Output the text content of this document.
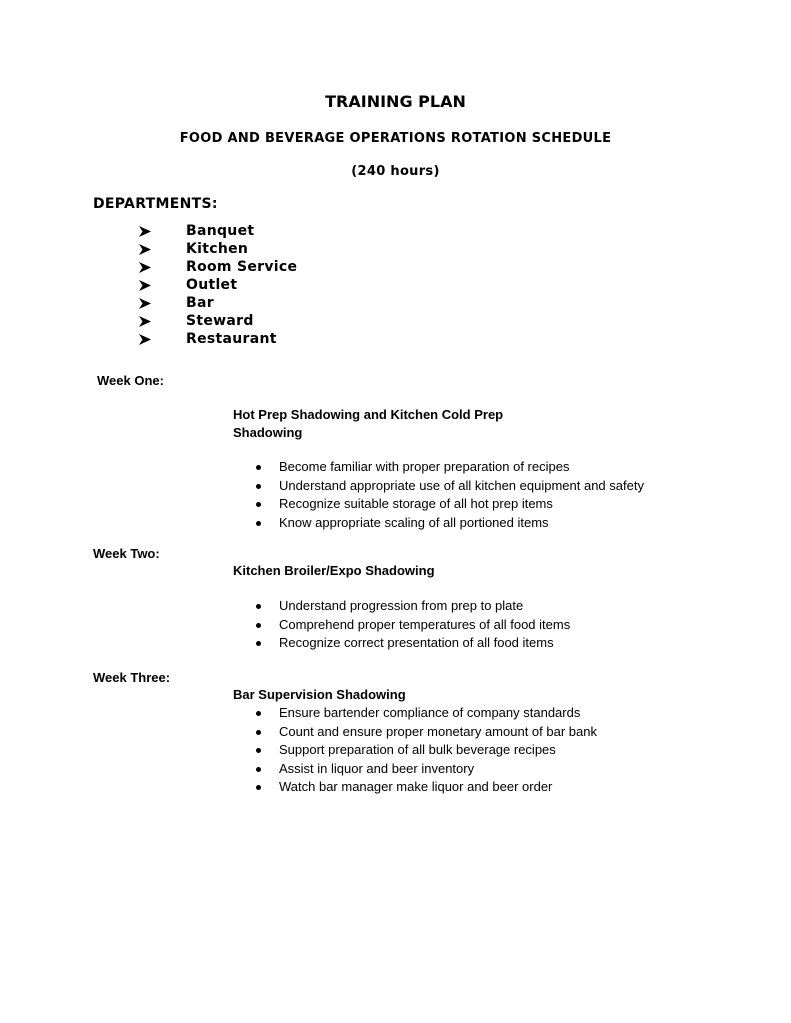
TRAINING PLAN
FOOD AND BEVERAGE OPERATIONS ROTATION SCHEDULE
(240 hours)
DEPARTMENTS:
Banquet
Kitchen
Room Service
Outlet
Bar
Steward
Restaurant
Week One:
Hot Prep Shadowing and Kitchen Cold Prep
Shadowing
Become familiar with proper preparation of recipes
Understand appropriate use of all kitchen equipment and safety
Recognize suitable storage of all hot prep items
Know appropriate scaling of all portioned items
Week Two:
Kitchen Broiler/Expo Shadowing
Understand progression from prep to plate
Comprehend proper temperatures of all food items
Recognize correct presentation of all food items
Week Three:
Bar Supervision Shadowing
Ensure bartender compliance of company standards
Count and ensure proper monetary amount of bar bank
Support preparation of all bulk beverage recipes
Assist in liquor and beer inventory
Watch bar manager make liquor and beer order
